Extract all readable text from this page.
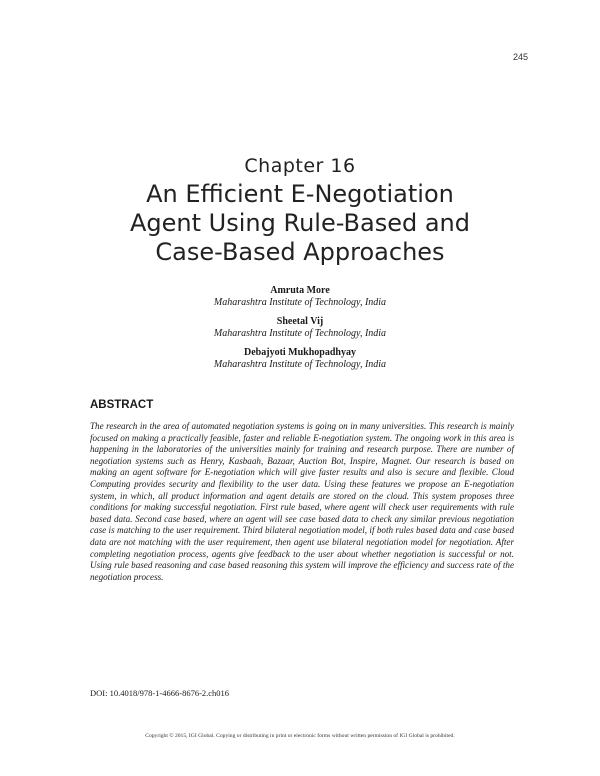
245
Chapter 16
An Efficient E-Negotiation
Agent Using Rule-Based and
Case-Based Approaches
Amruta More
Maharashtra Institute of Technology, India
Sheetal Vij
Maharashtra Institute of Technology, India
Debajyoti Mukhopadhyay
Maharashtra Institute of Technology, India
ABSTRACT

The research in the area of automated negotiation systems is going on in many universities. This research is mainly focused on making a practically feasible, faster and reliable E-negotiation system. The ongoing work in this area is happening in the laboratories of the universities mainly for training and research purpose. There are number of negotiation systems such as Henry, Kasbaah, Bazaar, Auction Bot, Inspire, Magnet. Our research is based on making an agent software for E-negotiation which will give faster results and also is secure and flexible. Cloud Computing provides security and flexibility to the user data. Using these features we propose an E-negotiation system, in which, all product information and agent details are stored on the cloud. This system proposes three conditions for making successful negotiation. First rule based, where agent will check user requirements with rule based data. Second case based, where an agent will see case based data to check any similar previous negotiation case is matching to the user requirement. Third bilateral negotiation model, if both rules based data and case based data are not matching with the user requirement, then agent use bilateral negotiation model for negotiation. After completing negotiation process, agents give feedback to the user about whether negotiation is successful or not. Using rule based reasoning and case based reasoning this system will improve the efficiency and success rate of the negotiation process.

DOI: 10.4018/978-1-4666-8676-2.ch016
Copyright © 2015, IGI Global. Copying or distributing in print or electronic forms without written permission of IGI Global is prohibited.
